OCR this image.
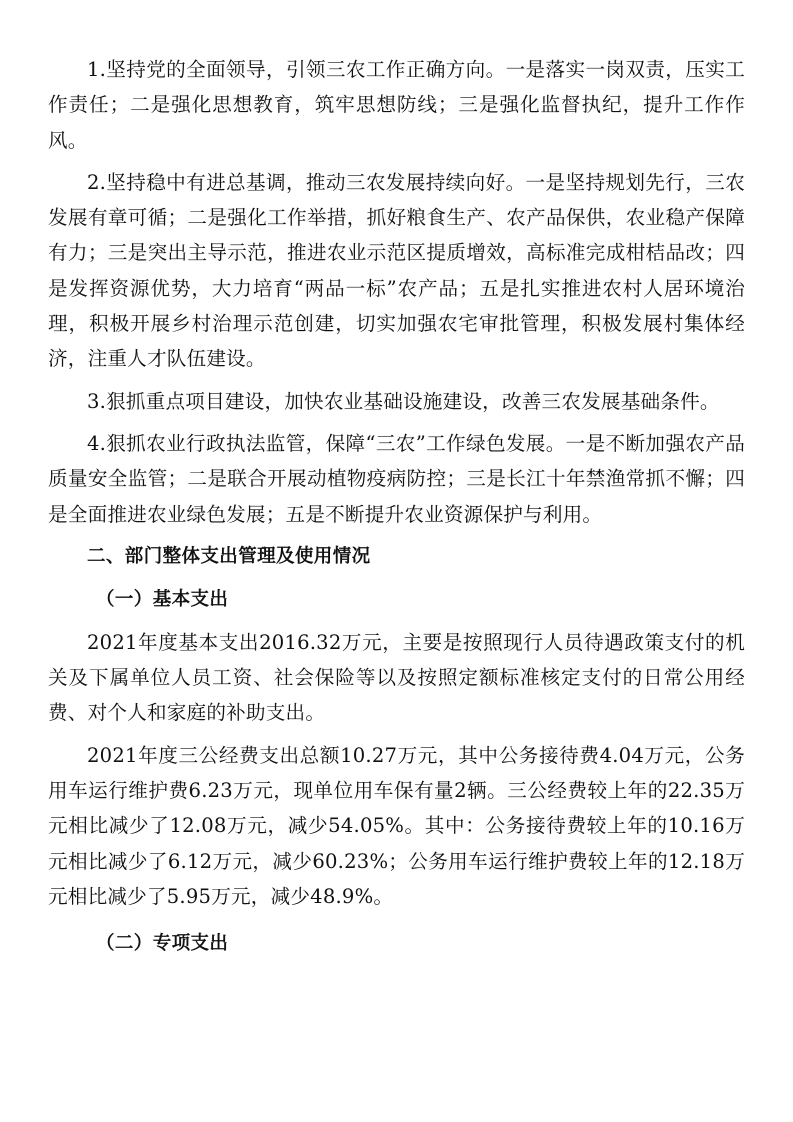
1.坚持党的全面领导，引领三农工作正确方向。一是落实一岗双责，压实工作责任；二是强化思想教育，筑牢思想防线；三是强化监督执纪，提升工作作风。

2.坚持稳中有进总基调，推动三农发展持续向好。一是坚持规划先行，三农发展有章可循；二是强化工作举措，抓好粮食生产、农产品保供，农业稳产保障有力；三是突出主导示范，推进农业示范区提质增效，高标准完成柑桔品改；四是发挥资源优势，大力培育“两品一标”农产品；五是扎实推进农村人居环境治理，积极开展乡村治理示范创建，切实加强农宅审批管理，积极发展村集体经济，注重人才队伍建设。

3.狠抓重点项目建设，加快农业基础设施建设，改善三农发展基础条件。

4.狠抓农业行政执法监管，保障“三农”工作绿色发展。一是不断加强农产品质量安全监管；二是联合开展动植物疫病防控；三是长江十年禁渔常抓不懈；四是全面推进农业绿色发展；五是不断提升农业资源保护与利用。

二、部门整体支出管理及使用情况
（一）基本支出

2021年度基本支出2016.32万元，主要是按照现行人员待遇政策支付的机关及下属单位人员工资、社会保险等以及按照定额标准核定支付的日常公用经费、对个人和家庭的补助支出。

2021年度三公经费支出总额10.27万元，其中公务接待费4.04万元，公务用车运行维护费6.23万元，现单位用车保有量2辆。三公经费较上年的22.35万元相比减少了12.08万元，减少54.05%。其中：公务接待费较上年的10.16万元相比减少了6.12万元，减少60.23%；公务用车运行维护费较上年的12.18万元相比减少了5.95万元，减少48.9%。

（二）专项支出
